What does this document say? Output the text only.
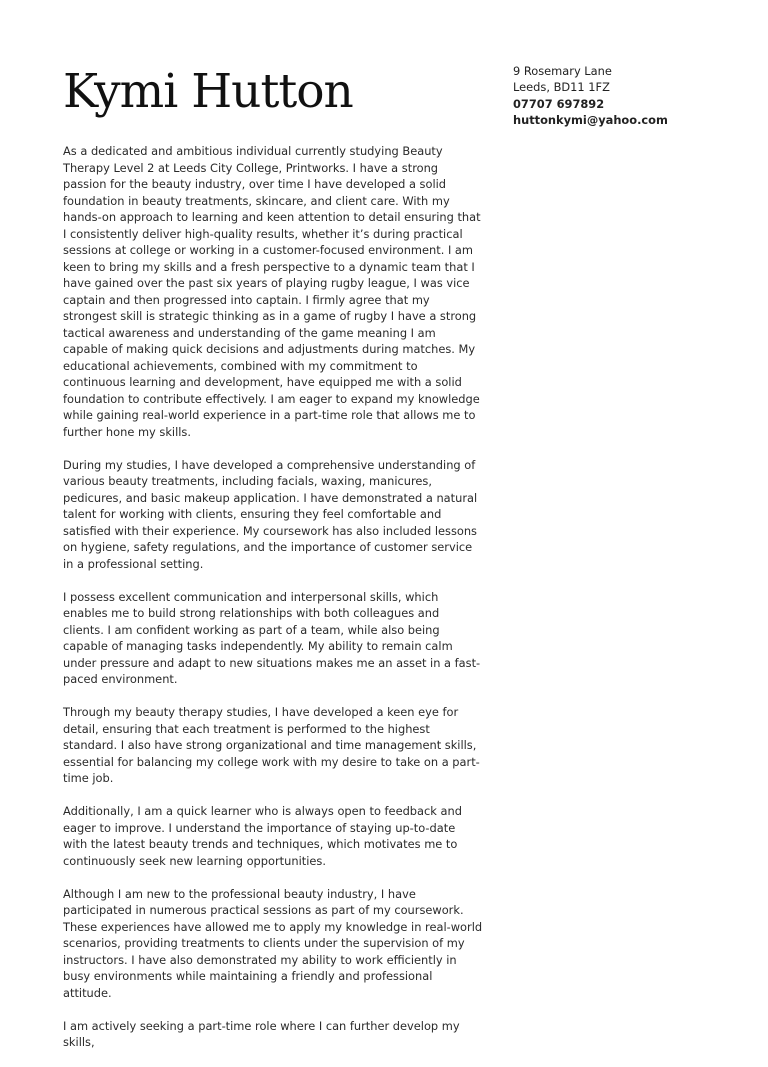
Kymi Hutton	9 Rosemary Lane
Leeds, BD11 1FZ
07707 697892
huttonkymi@yahoo.com

As a dedicated and ambitious individual currently studying Beauty Therapy Level 2 at Leeds City College, Printworks. I have a strong passion for the beauty industry, over time I have developed a solid foundation in beauty treatments, skincare, and client care. With my hands-on approach to learning and keen attention to detail ensuring that I consistently deliver high-quality results, whether it’s during practical sessions at college or working in a customer-focused environment. I am keen to bring my skills and a fresh perspective to a dynamic team that I have gained over the past six years of playing rugby league, I was vice captain and then progressed into captain. I firmly agree that my strongest skill is strategic thinking as in a game of rugby I have a strong tactical awareness and understanding of the game meaning I am capable of making quick decisions and adjustments during matches. My educational achievements, combined with my commitment to continuous learning and development, have equipped me with a solid foundation to contribute effectively. I am eager to expand my knowledge while gaining real-world experience in a part-time role that allows me to further hone my skills.

During my studies, I have developed a comprehensive understanding of various beauty treatments, including facials, waxing, manicures, pedicures, and basic makeup application. I have demonstrated a natural talent for working with clients, ensuring they feel comfortable and satisfied with their experience. My coursework has also included lessons on hygiene, safety regulations, and the importance of customer service in a professional setting.

I possess excellent communication and interpersonal skills, which enables me to build strong relationships with both colleagues and clients. I am confident working as part of a team, while also being capable of managing tasks independently. My ability to remain calm under pressure and adapt to new situations makes me an asset in a fast-paced environment.

Through my beauty therapy studies, I have developed a keen eye for detail, ensuring that each treatment is performed to the highest standard. I also have strong organizational and time management skills, essential for balancing my college work with my desire to take on a part-time job.

Additionally, I am a quick learner who is always open to feedback and eager to improve. I understand the importance of staying up-to-date with the latest beauty trends and techniques, which motivates me to continuously seek new learning opportunities.

Although I am new to the professional beauty industry, I have participated in numerous practical sessions as part of my coursework. These experiences have allowed me to apply my knowledge in real-world scenarios, providing treatments to clients under the supervision of my instructors. I have also demonstrated my ability to work efficiently in busy environments while maintaining a friendly and professional attitude.

I am actively seeking a part-time role where I can further develop my skills,
